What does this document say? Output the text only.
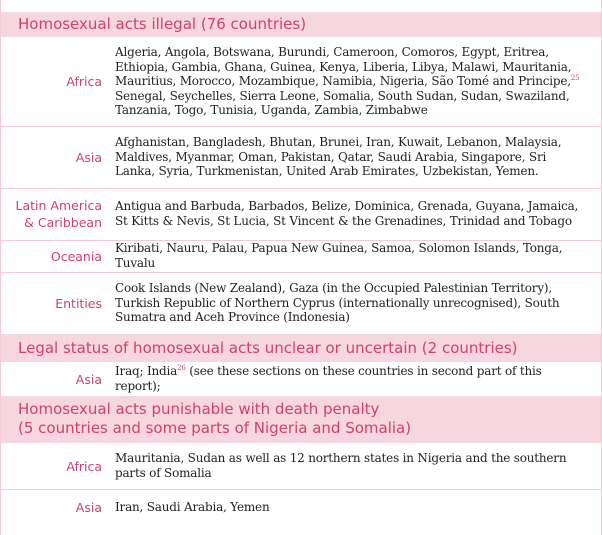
Homosexual acts illegal (76 countries)
Africa
Algeria, Angola, Botswana, Burundi, Cameroon, Comoros, Egypt, Eritrea, Ethiopia, Gambia, Ghana, Guinea, Kenya, Liberia, Libya, Malawi, Mauritania, Mauritius, Morocco, Mozambique, Namibia, Nigeria, São Tomé and Principe,$^{25}$ Senegal, Seychelles, Sierra Leone, Somalia, South Sudan, Sudan, Swaziland, Tanzania, Togo, Tunisia, Uganda, Zambia, Zimbabwe
Asia
Afghanistan, Bangladesh, Bhutan, Brunei, Iran, Kuwait, Lebanon, Malaysia, Maldives, Myanmar, Oman, Pakistan, Qatar, Saudi Arabia, Singapore, Sri Lanka, Syria, Turkmenistan, United Arab Emirates, Uzbekistan, Yemen.
Latin America
& Caribbean
Antigua and Barbuda, Barbados, Belize, Dominica, Grenada, Guyana, Jamaica, St Kitts & Nevis, St Lucia, St Vincent & the Grenadines, Trinidad and Tobago
Oceania
Kiribati, Nauru, Palau, Papua New Guinea, Samoa, Solomon Islands, Tonga, Tuvalu
Entities
Cook Islands (New Zealand), Gaza (in the Occupied Palestinian Territory), Turkish Republic of Northern Cyprus (internationally unrecognised), South Sumatra and Aceh Province (Indonesia)
Legal status of homosexual acts unclear or uncertain (2 countries)
Asia
Iraq; India$^{26}$ (see these sections on these countries in second part of this report);
Homosexual acts punishable with death penalty
(5 countries and some parts of Nigeria and Somalia)
Africa
Mauritania, Sudan as well as 12 northern states in Nigeria and the southern parts of Somalia
Asia Iran, Saudi Arabia, Yemen
